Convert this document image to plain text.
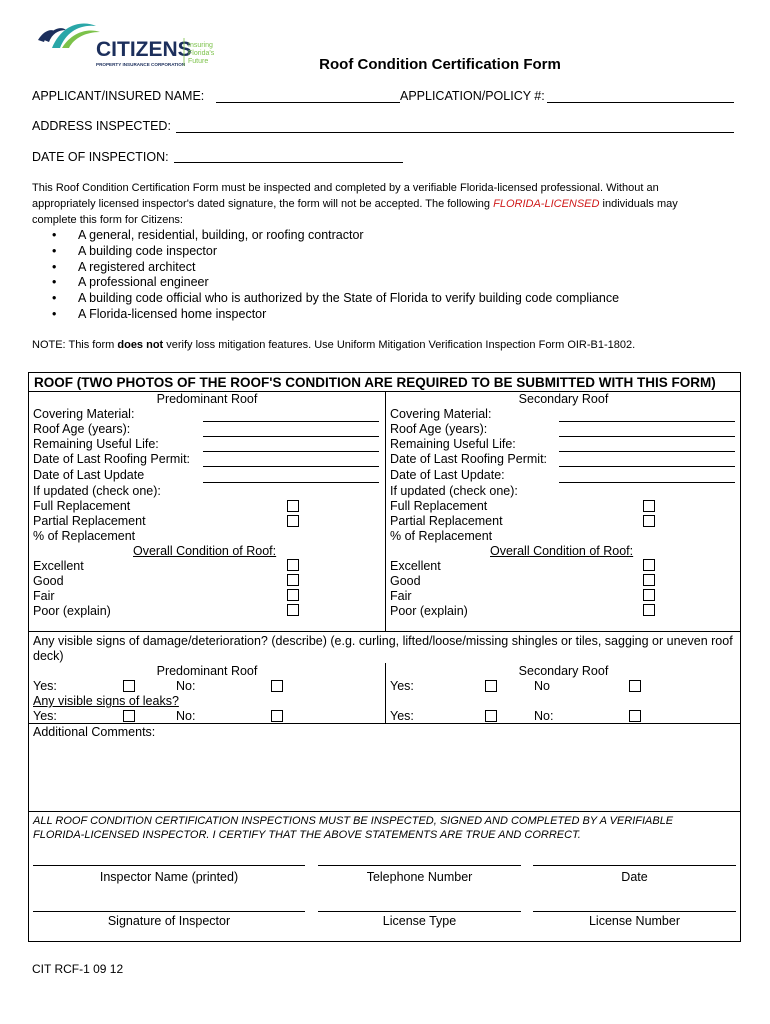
CITIZENS
PROPERTY INSURANCE CORPORATION
Insuring
Florida's
Future	Roof Condition Certification Form
APPLICANT/INSURED NAME:	APPLICATION/POLICY #:
ADDRESS INSPECTED:
DATE OF INSPECTION:
This Roof Condition Certification Form must be inspected and completed by a verifiable Florida-licensed professional. Without an appropriately licensed inspector's dated signature, the form will not be accepted. The following FLORIDA-LICENSED individuals may complete this form for Citizens:
• A general, residential, building, or roofing contractor
• A building code inspector
• A registered architect
• A professional engineer
• A building code official who is authorized by the State of Florida to verify building code compliance
• A Florida-licensed home inspector
NOTE: This form does not verify loss mitigation features. Use Uniform Mitigation Verification Inspection Form OIR-B1-1802.
ROOF (TWO PHOTOS OF THE ROOF'S CONDITION ARE REQUIRED TO BE SUBMITTED WITH THIS FORM)
Predominant Roof
Covering Material:
Roof Age (years):
Remaining Useful Life:
Date of Last Roofing Permit:
Date of Last Update
If updated (check one):
Full Replacement
Partial Replacement
% of Replacement
Overall Condition of Roof:
Excellent
Good
Fair
Poor (explain)
Secondary Roof
Covering Material:
Roof Age (years):
Remaining Useful Life:
Date of Last Roofing Permit:
Date of Last Update:
If updated (check one):
Full Replacement
Partial Replacement
% of Replacement
Overall Condition of Roof:
Excellent
Good
Fair
Poor (explain)
Any visible signs of damage/deterioration? (describe) (e.g. curling, lifted/loose/missing shingles or tiles, sagging or uneven roof deck)
Predominant Roof	Secondary Roof
Yes:	No:	Yes:	No
Any visible signs of leaks?
Yes:	No:	Yes:	No:
Additional Comments:
ALL ROOF CONDITION CERTIFICATION INSPECTIONS MUST BE INSPECTED, SIGNED AND COMPLETED BY A VERIFIABLE FLORIDA-LICENSED INSPECTOR. I CERTIFY THAT THE ABOVE STATEMENTS ARE TRUE AND CORRECT.
Inspector Name (printed)	Telephone Number	Date
Signature of Inspector	License Type	License Number
CIT RCF-1 09 12
